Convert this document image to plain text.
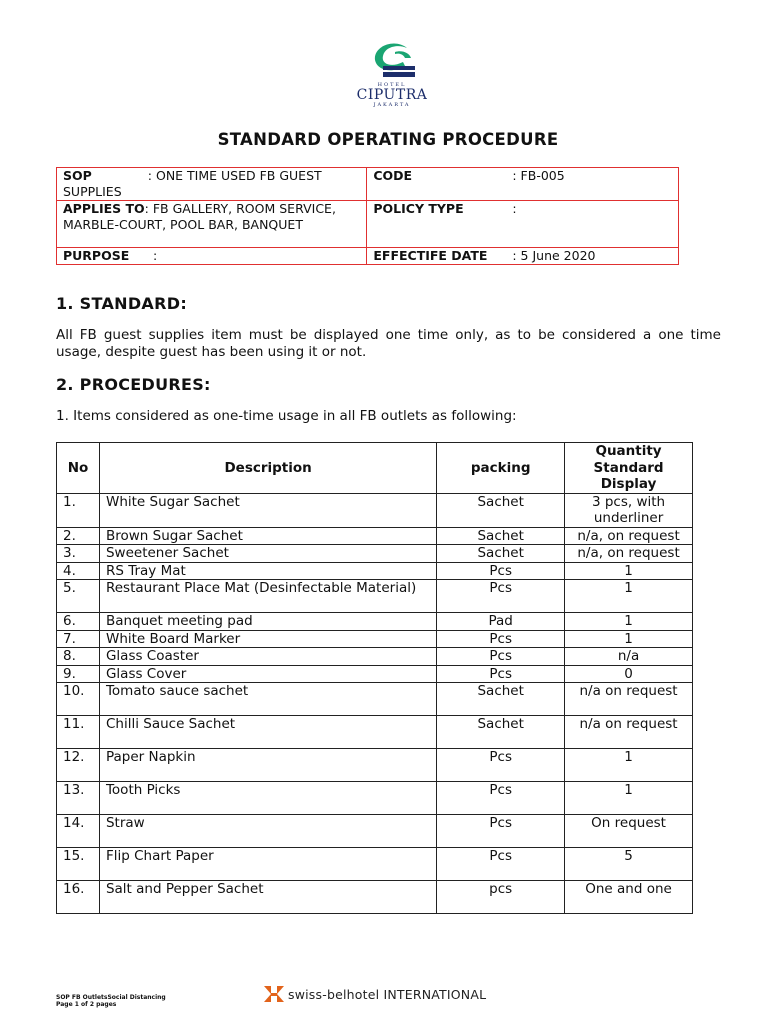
HOTEL
CIPUTRA
JAKARTA
STANDARD OPERATING PROCEDURE
SOP : ONE TIME USED FB GUEST SUPPLIES	CODE : FB-005

APPLIES TO: FB GALLERY, ROOM SERVICE, MARBLE-COURT, POOL BAR, BANQUET	POLICY TYPE :

PURPOSE :	EFFECTIFE DATE : 5 June 2020
1. STANDARD:
All FB guest supplies item must be displayed one time only, as to be considered a one time usage, despite guest has been using it or not.
2. PROCEDURES:
1. Items considered as one-time usage in all FB outlets as following:
No	Description	packing	Quantity Standard Display
1.	White Sugar Sachet	Sachet	3 pcs, with underliner
2.	Brown Sugar Sachet	Sachet	n/a, on request
3.	Sweetener Sachet	Sachet	n/a, on request
4.	RS Tray Mat	Pcs	1
5.	Restaurant Place Mat (Desinfectable Material)	Pcs	1
6.	Banquet meeting pad	Pad	1
7.	White Board Marker	Pcs	1
8.	Glass Coaster	Pcs	n/a
9.	Glass Cover	Pcs	0
10.	Tomato sauce sachet	Sachet	n/a on request
11.	Chilli Sauce Sachet	Sachet	n/a on request
12.	Paper Napkin	Pcs	1
13.	Tooth Picks	Pcs	1
14.	Straw	Pcs	On request
15.	Flip Chart Paper	Pcs	5
16.	Salt and Pepper Sachet	pcs	One and one
SOP FB OutletsSocial Distancing
Page 1 of 2 pages
swiss-belhotel INTERNATIONAL
